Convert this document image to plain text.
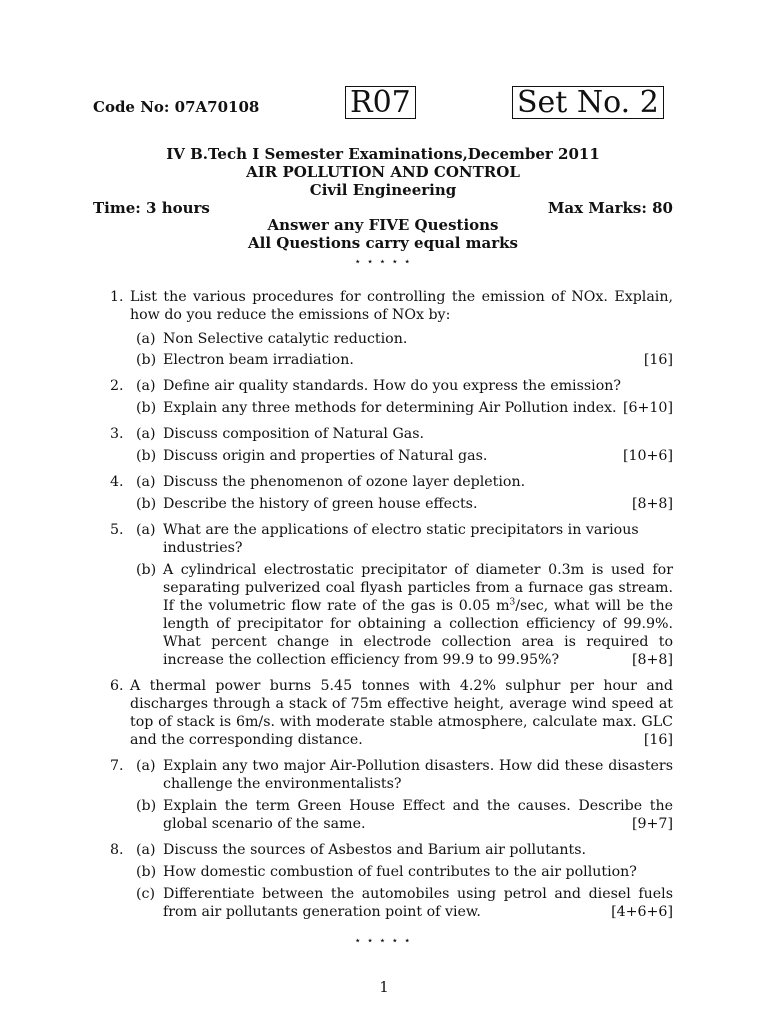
Code No: 07A70108	R07	Set No. 2
IV B.Tech I Semester Examinations,December 2011
AIR POLLUTION AND CONTROL
Civil Engineering
Time: 3 hours	Max Marks: 80
Answer any FIVE Questions
All Questions carry equal marks
⋆ ⋆ ⋆ ⋆ ⋆
1. List the various procedures for controlling the emission of NOx. Explain, how do you reduce the emissions of NOx by:
(a) Non Selective catalytic reduction.
(b) Electron beam irradiation.	[16]
2. (a) Define air quality standards. How do you express the emission?
(b) Explain any three methods for determining Air Pollution index. [6+10]
3. (a) Discuss composition of Natural Gas.
(b) Discuss origin and properties of Natural gas.	[10+6]
4. (a) Discuss the phenomenon of ozone layer depletion.
(b) Describe the history of green house effects.	[8+8]
5. (a) What are the applications of electro static precipitators in various industries?
(b) A cylindrical electrostatic precipitator of diameter 0.3m is used for separating pulverized coal flyash particles from a furnace gas stream. If the volumetric flow rate of the gas is 0.05 $m^3/\sec$, what will be the length of precipitator for obtaining a collection efficiency of 99.9%. What percent change in electrode collection area is required to increase the collection efficiency from 99.9 to 99.95%?	[8+8]
6. A thermal power burns 5.45 tonnes with 4.2% sulphur per hour and discharges through a stack of 75m effective height, average wind speed at top of stack is 6m/s. with moderate stable atmosphere, calculate max. GLC and the corresponding distance.	[16]
7. (a) Explain any two major Air-Pollution disasters. How did these disasters challenge the environmentalists?
(b) Explain the term Green House Effect and the causes. Describe the global scenario of the same.	[9+7]
8. (a) Discuss the sources of Asbestos and Barium air pollutants.
(b) How domestic combustion of fuel contributes to the air pollution?
(c) Differentiate between the automobiles using petrol and diesel fuels from air pollutants generation point of view.	[4+6+6]
⋆ ⋆ ⋆ ⋆ ⋆
1
